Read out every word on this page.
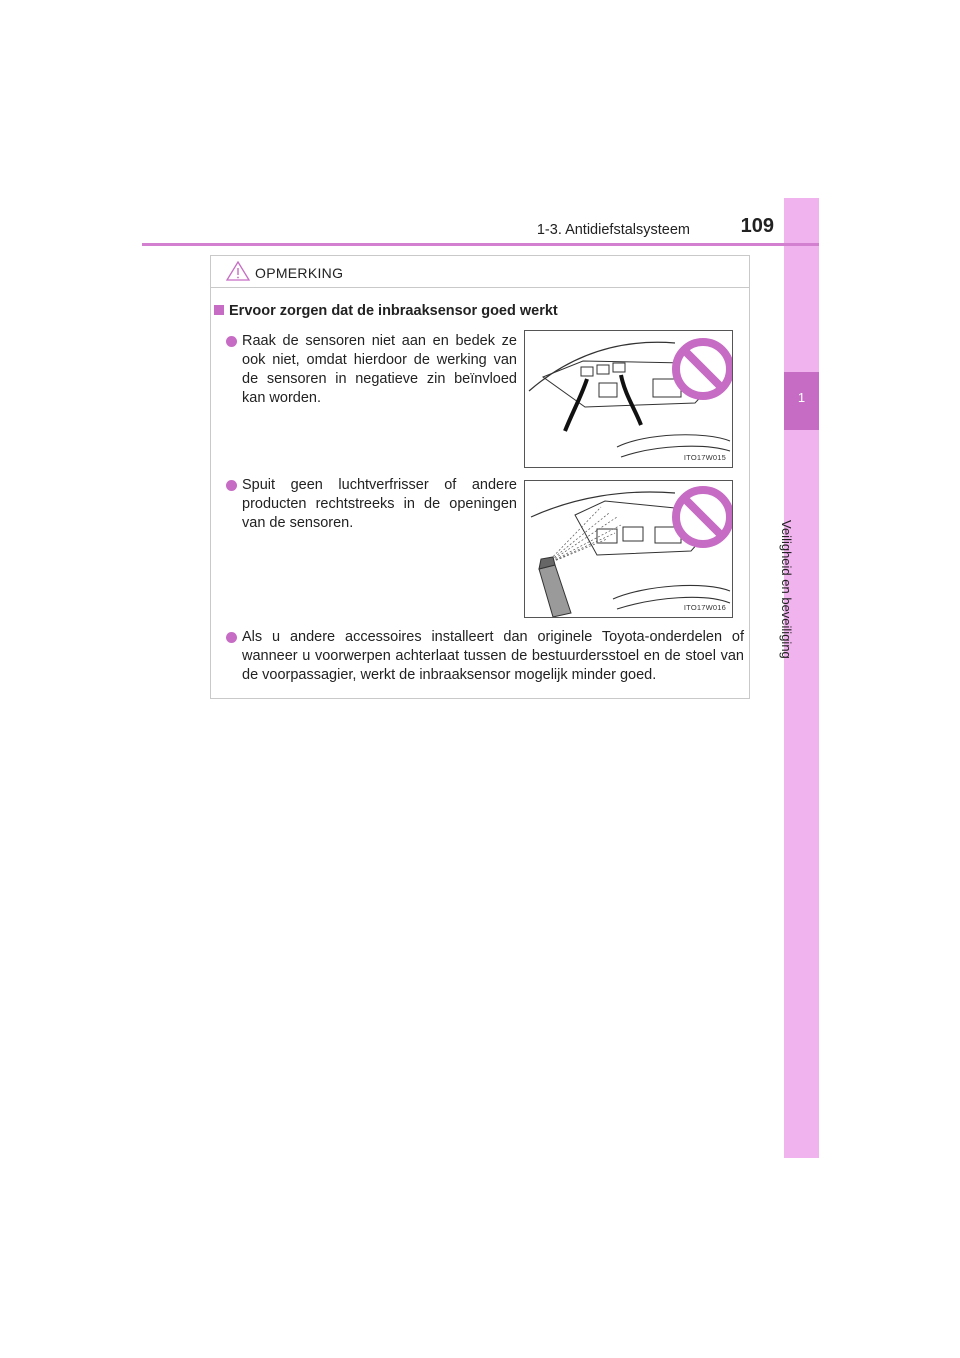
1
Veiligheid en beveiliging
1-3. Antidiefstalsysteem	109
OPMERKING
Ervoor zorgen dat de inbraaksensor goed werkt
Raak de sensoren niet aan en bedek ze ook niet, omdat hierdoor de werking van de sensoren in negatieve zin beïnvloed kan worden.
ITO17W015
Spuit geen luchtverfrisser of andere producten rechtstreeks in de openingen van de sensoren.
ITO17W016
Als u andere accessoires installeert dan originele Toyota-onderdelen of wanneer u voorwerpen achterlaat tussen de bestuurdersstoel en de stoel van de voorpassagier, werkt de inbraaksensor mogelijk minder goed.
